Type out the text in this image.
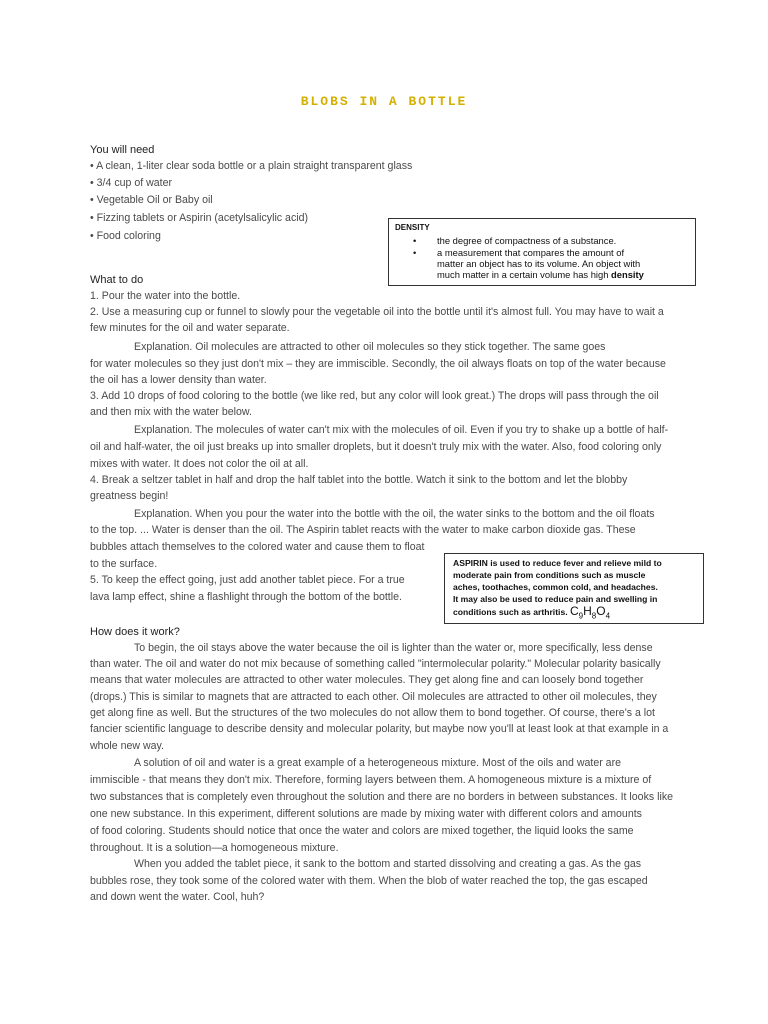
BLOBS IN A BOTTLE
You will need
• A clean, 1-liter clear soda bottle or a plain straight transparent glass
• 3/4 cup of water
• Vegetable Oil or Baby oil
• Fizzing tablets or Aspirin (acetylsalicylic acid)
• Food coloring
DENSITY
• the degree of compactness of a substance.
• a measurement that compares the amount of
matter an object has to its volume. An object with
much matter in a certain volume has high density
What to do
1. Pour the water into the bottle.
2. Use a measuring cup or funnel to slowly pour the vegetable oil into the bottle until it's almost full. You may have to wait a
few minutes for the oil and water separate.
Explanation. Oil molecules are attracted to other oil molecules so they stick together. The same goes
for water molecules so they just don't mix – they are immiscible. Secondly, the oil always floats on top of the water because
the oil has a lower density than water.
3. Add 10 drops of food coloring to the bottle (we like red, but any color will look great.) The drops will pass through the oil
and then mix with the water below.
Explanation. The molecules of water can't mix with the molecules of oil. Even if you try to shake up a bottle of half-
oil and half-water, the oil just breaks up into smaller droplets, but it doesn't truly mix with the water. Also, food coloring only
mixes with water. It does not color the oil at all.
4. Break a seltzer tablet in half and drop the half tablet into the bottle. Watch it sink to the bottom and let the blobby
greatness begin!
Explanation. When you pour the water into the bottle with the oil, the water sinks to the bottom and the oil floats
to the top. ... Water is denser than the oil. The Aspirin tablet reacts with the water to make carbon dioxide gas. These
bubbles attach themselves to the colored water and cause them to float
to the surface.
5. To keep the effect going, just add another tablet piece. For a true
lava lamp effect, shine a flashlight through the bottom of the bottle.
ASPIRIN is used to reduce fever and relieve mild to
moderate pain from conditions such as muscle
aches, toothaches, common cold, and headaches.
It may also be used to reduce pain and swelling in
conditions such as arthritis. $C_9H_8O_4$
How does it work?
To begin, the oil stays above the water because the oil is lighter than the water or, more specifically, less dense
than water. The oil and water do not mix because of something called "intermolecular polarity." Molecular polarity basically
means that water molecules are attracted to other water molecules. They get along fine and can loosely bond together
(drops.) This is similar to magnets that are attracted to each other. Oil molecules are attracted to other oil molecules, they
get along fine as well. But the structures of the two molecules do not allow them to bond together. Of course, there's a lot
fancier scientific language to describe density and molecular polarity, but maybe now you'll at least look at that example in a
whole new way.
A solution of oil and water is a great example of a heterogeneous mixture. Most of the oils and water are
immiscible - that means they don't mix. Therefore, forming layers between them. A homogeneous mixture is a mixture of
two substances that is completely even throughout the solution and there are no borders in between substances. It looks like
one new substance. In this experiment, different solutions are made by mixing water with different colors and amounts
of food coloring. Students should notice that once the water and colors are mixed together, the liquid looks the same
throughout. It is a solution—a homogeneous mixture.
When you added the tablet piece, it sank to the bottom and started dissolving and creating a gas. As the gas
bubbles rose, they took some of the colored water with them. When the blob of water reached the top, the gas escaped
and down went the water. Cool, huh?
